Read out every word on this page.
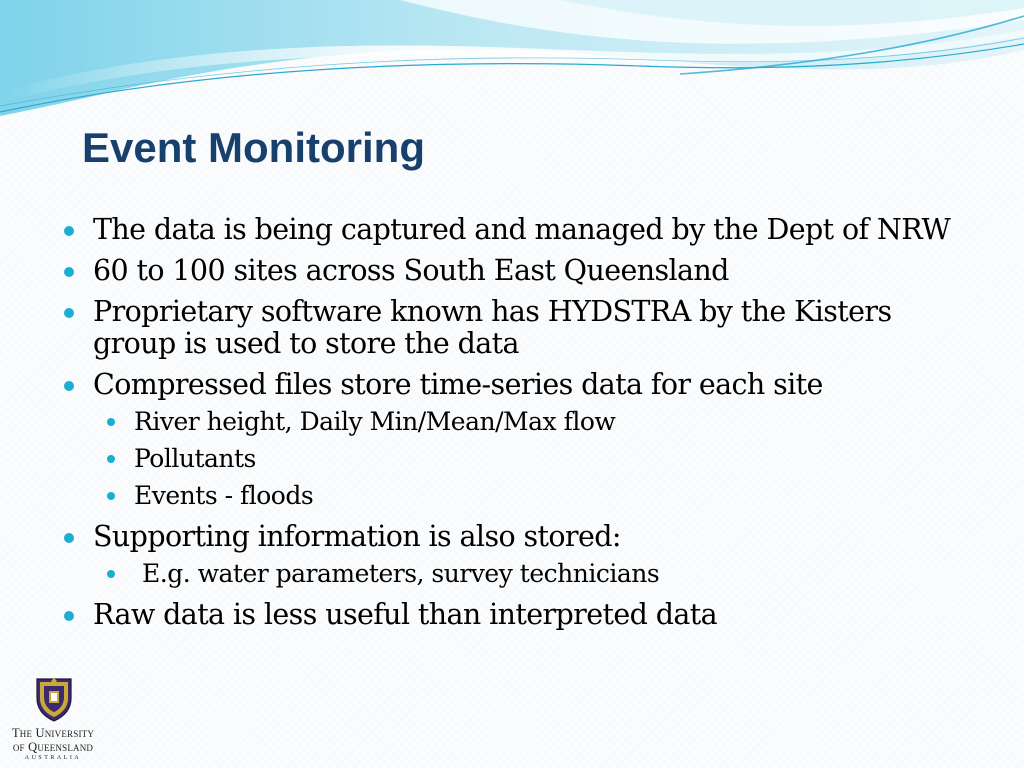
Event Monitoring
The data is being captured and managed by the Dept of NRW
60 to 100 sites across South East Queensland
Proprietary software known has HYDSTRA by the Kisters group is used to store the data
Compressed files store time-series data for each site
River height, Daily Min/Mean/Max flow
Pollutants
Events - floods
Supporting information is also stored:
E.g. water parameters, survey technicians
Raw data is less useful than interpreted data
The University
of Queensland
AUSTRALIA
